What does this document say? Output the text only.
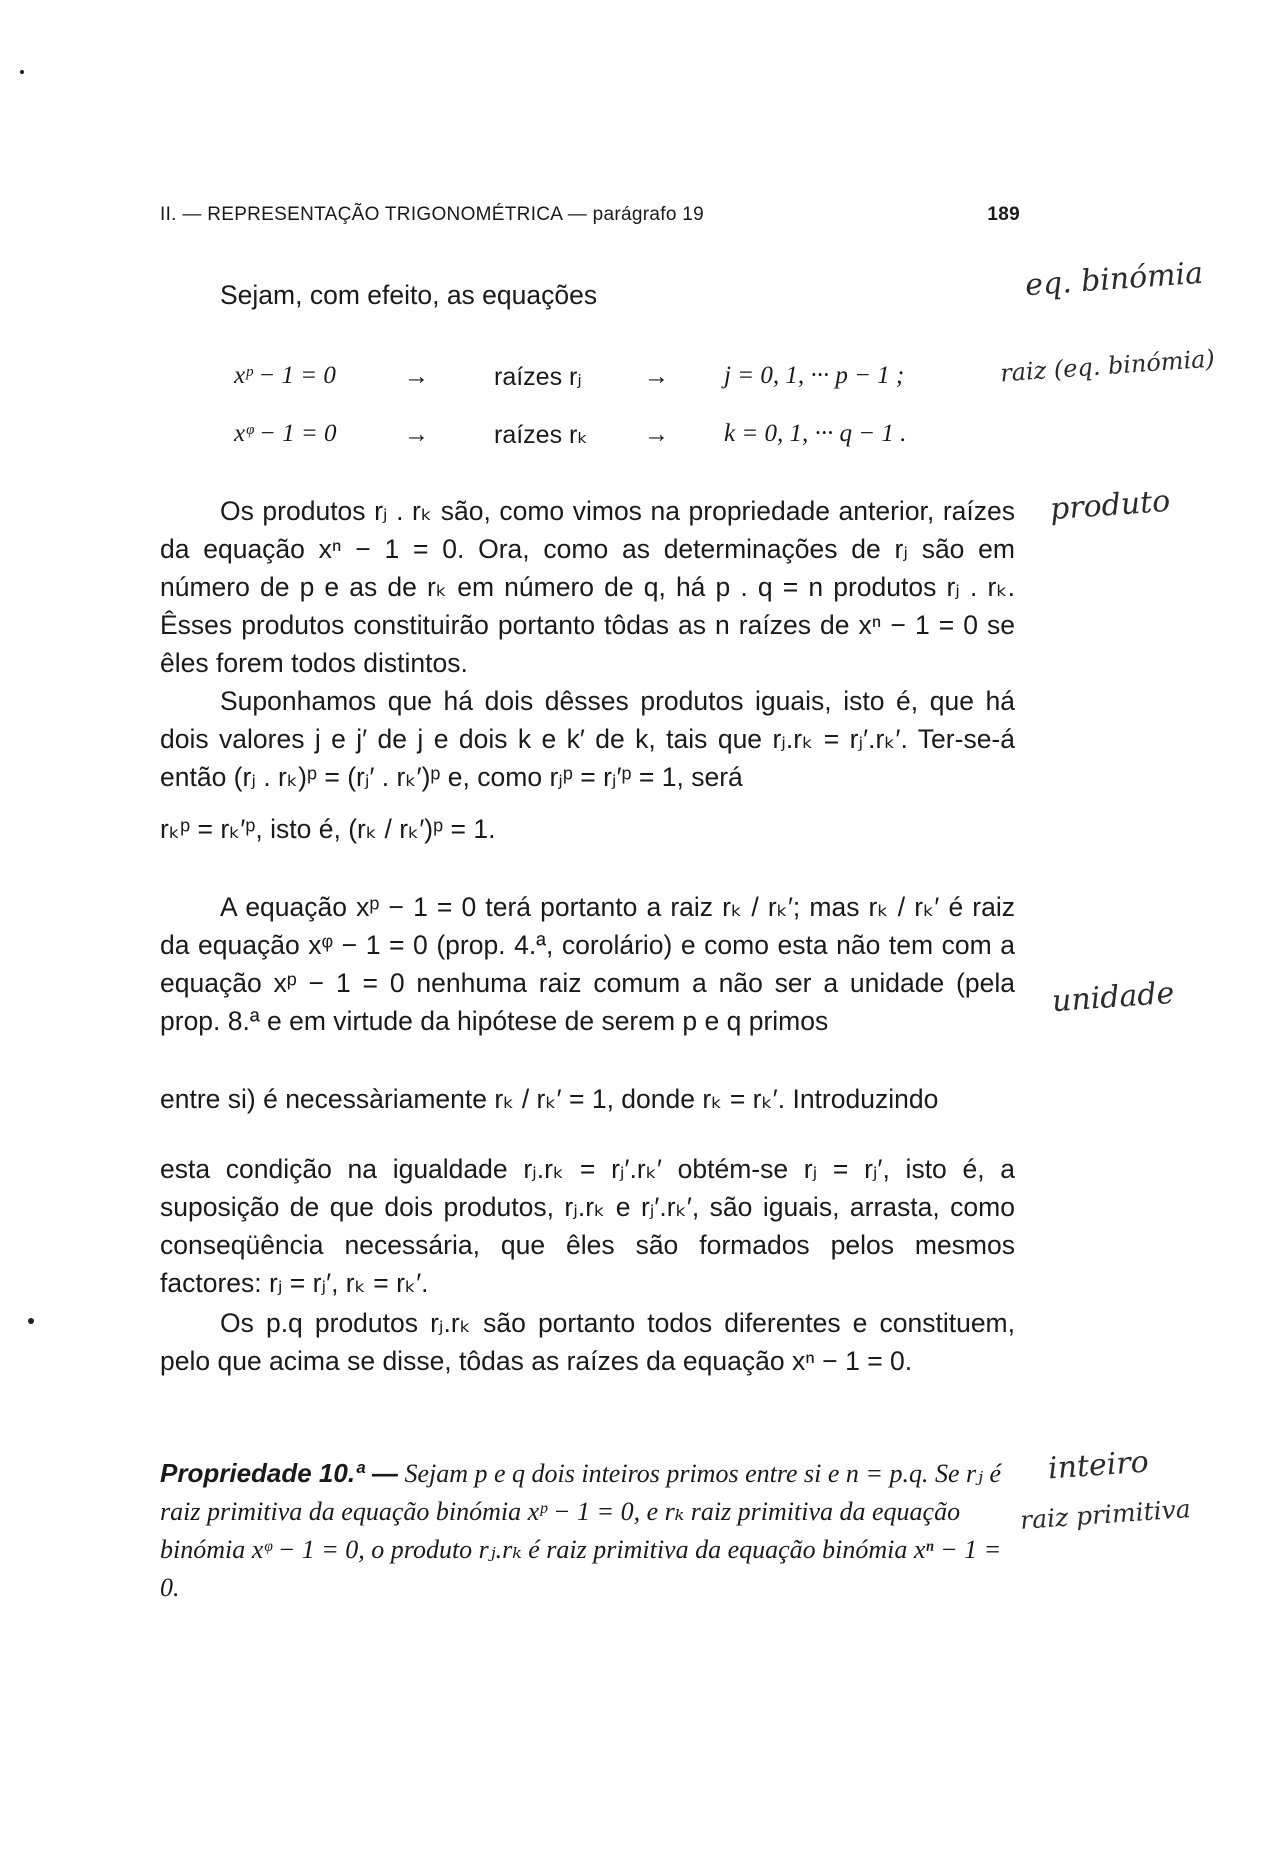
II. — REPRESENTAÇÃO TRIGONOMÉTRICA — parágrafo 19	189
Sejam, com efeito, as equações
xᵖ − 1 = 0	→	raízes rⱼ → j = 0, 1, ··· p − 1 ;
xᵠ − 1 = 0	→	raízes rₖ → k = 0, 1, ··· q − 1 .
Os produtos rⱼ . rₖ são, como vimos na propriedade anterior, raízes da equação xⁿ − 1 = 0. Ora, como as determinações de rⱼ são em número de p e as de rₖ em número de q, há p . q = n produtos rⱼ . rₖ. Êsses produtos constituirão portanto tôdas as n raízes de xⁿ − 1 = 0 se êles forem todos distintos.
Suponhamos que há dois dêsses produtos iguais, isto é, que há dois valores j e j′ de j e dois k e k′ de k, tais que rⱼ.rₖ = rⱼ′.rₖ′. Ter-se-á então (rⱼ . rₖ)ᵖ = (rⱼ′ . rₖ′)ᵖ e, como rⱼᵖ = rⱼ′ᵖ = 1, será
rₖᵖ = rₖ′ᵖ, isto é, (rₖ / rₖ′)ᵖ = 1.
A equação xᵖ − 1 = 0 terá portanto a raiz rₖ / rₖ′; mas rₖ / rₖ′ é raiz da equação xᵠ − 1 = 0 (prop. 4.ª, corolário) e como esta não tem com a equação xᵖ − 1 = 0 nenhuma raiz comum a não ser a unidade (pela prop. 8.ª e em virtude da hipótese de serem p e q primos
entre si) é necessàriamente rₖ / rₖ′ = 1, donde rₖ = rₖ′. Introduzindo
esta condição na igualdade rⱼ.rₖ = rⱼ′.rₖ′ obtém-se rⱼ = rⱼ′, isto é, a suposição de que dois produtos, rⱼ.rₖ e rⱼ′.rₖ′, são iguais, arrasta, como conseqüência necessária, que êles são formados pelos mesmos factores: rⱼ = rⱼ′, rₖ = rₖ′.
Os p.q produtos rⱼ.rₖ são portanto todos diferentes e constituem, pelo que acima se disse, tôdas as raízes da equação xⁿ − 1 = 0.
Propriedade 10.ª — Sejam p e q dois inteiros primos entre si e n = p.q. Se rⱼ é raiz primitiva da equação binómia xᵖ − 1 = 0, e rₖ raiz primitiva da equação binómia xᵠ − 1 = 0, o produto rⱼ.rₖ é raiz primitiva da equação binómia xⁿ − 1 = 0.
eq. binómia
raiz (eq. binómia)
produto
unidade
inteiro
raiz primitiva
